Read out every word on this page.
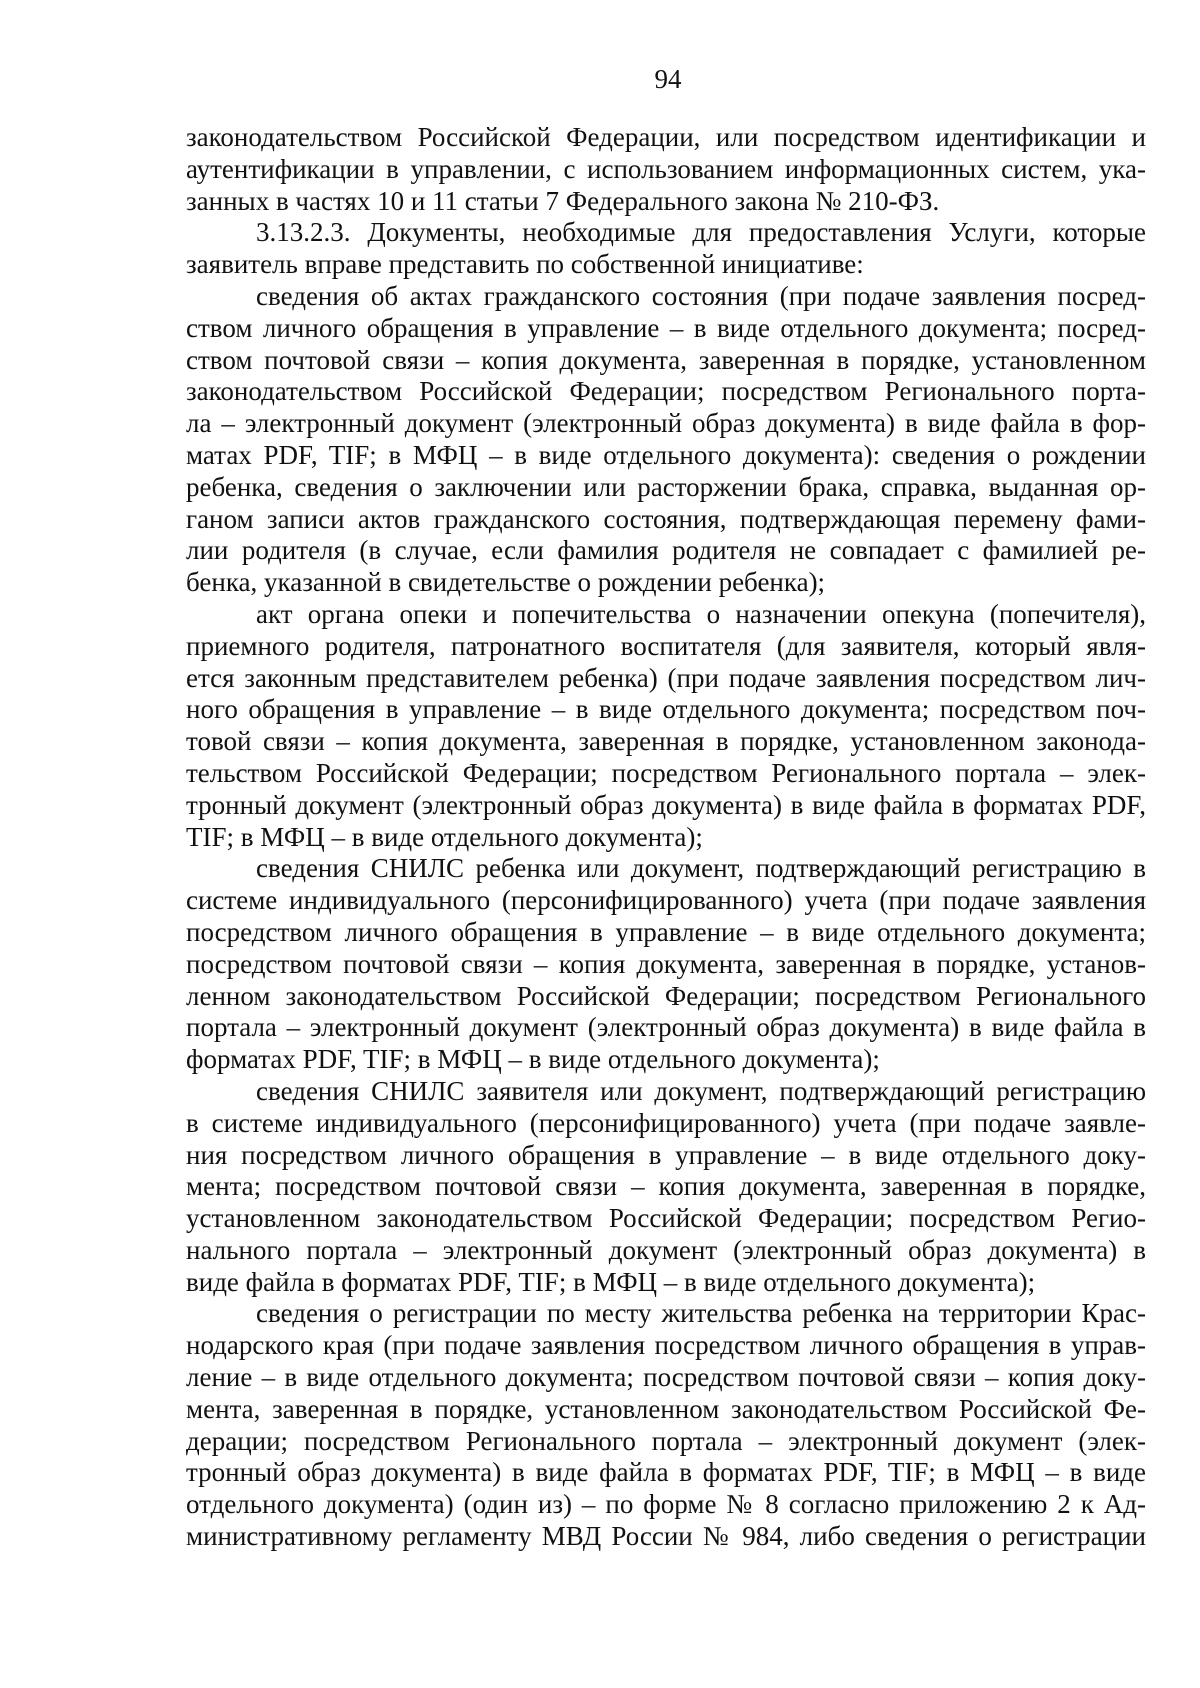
94
законодательством Российской Федерации, или посредством идентификации и
аутентификации в управлении, с использованием информационных систем, ука-
занных в частях 10 и 11 статьи 7 Федерального закона № 210-ФЗ.
3.13.2.3. Документы, необходимые для предоставления Услуги, которые
заявитель вправе представить по собственной инициативе:
сведения об актах гражданского состояния (при подаче заявления посред-
ством личного обращения в управление – в виде отдельного документа; посред-
ством почтовой связи – копия документа, заверенная в порядке, установленном
законодательством Российской Федерации; посредством Регионального порта-
ла – электронный документ (электронный образ документа) в виде файла в фор-
матах PDF, TIF; в МФЦ – в виде отдельного документа): сведения о рождении
ребенка, сведения о заключении или расторжении брака, справка, выданная ор-
ганом записи актов гражданского состояния, подтверждающая перемену фами-
лии родителя (в случае, если фамилия родителя не совпадает с фамилией ре-
бенка, указанной в свидетельстве о рождении ребенка);
акт органа опеки и попечительства о назначении опекуна (попечителя),
приемного родителя, патронатного воспитателя (для заявителя, который явля-
ется законным представителем ребенка) (при подаче заявления посредством лич-
ного обращения в управление – в виде отдельного документа; посредством поч-
товой связи – копия документа, заверенная в порядке, установленном законода-
тельством Российской Федерации; посредством Регионального портала – элек-
тронный документ (электронный образ документа) в виде файла в форматах PDF,
TIF; в МФЦ – в виде отдельного документа);
сведения СНИЛС ребенка или документ, подтверждающий регистрацию в
системе индивидуального (персонифицированного) учета (при подаче заявления
посредством личного обращения в управление – в виде отдельного документа;
посредством почтовой связи – копия документа, заверенная в порядке, установ-
ленном законодательством Российской Федерации; посредством Регионального
портала – электронный документ (электронный образ документа) в виде файла в
форматах PDF, TIF; в МФЦ – в виде отдельного документа);
сведения СНИЛС заявителя или документ, подтверждающий регистрацию
в системе индивидуального (персонифицированного) учета (при подаче заявле-
ния посредством личного обращения в управление – в виде отдельного доку-
мента; посредством почтовой связи – копия документа, заверенная в порядке,
установленном законодательством Российской Федерации; посредством Регио-
нального портала – электронный документ (электронный образ документа) в
виде файла в форматах PDF, TIF; в МФЦ – в виде отдельного документа);
сведения о регистрации по месту жительства ребенка на территории Крас-
нодарского края (при подаче заявления посредством личного обращения в управ-
ление – в виде отдельного документа; посредством почтовой связи – копия доку-
мента, заверенная в порядке, установленном законодательством Российской Фе-
дерации; посредством Регионального портала – электронный документ (элек-
тронный образ документа) в виде файла в форматах PDF, TIF; в МФЦ – в виде
отдельного документа) (один из) – по форме № 8 согласно приложению 2 к Ад-
министративному регламенту МВД России № 984, либо сведения о регистрации
